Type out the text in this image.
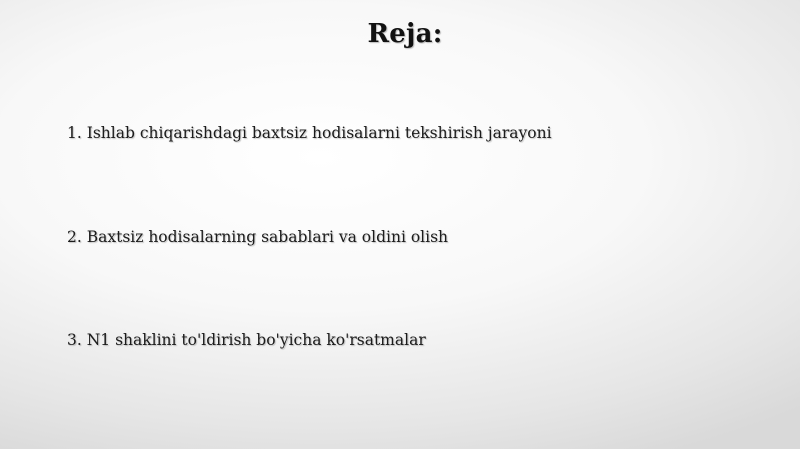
Reja:
1. Ishlab chiqarishdagi baxtsiz hodisalarni tekshirish jarayoni
2. Baxtsiz hodisalarning sabablari va oldini olish
3. N1 shaklini to'ldirish bo'yicha ko'rsatmalar
